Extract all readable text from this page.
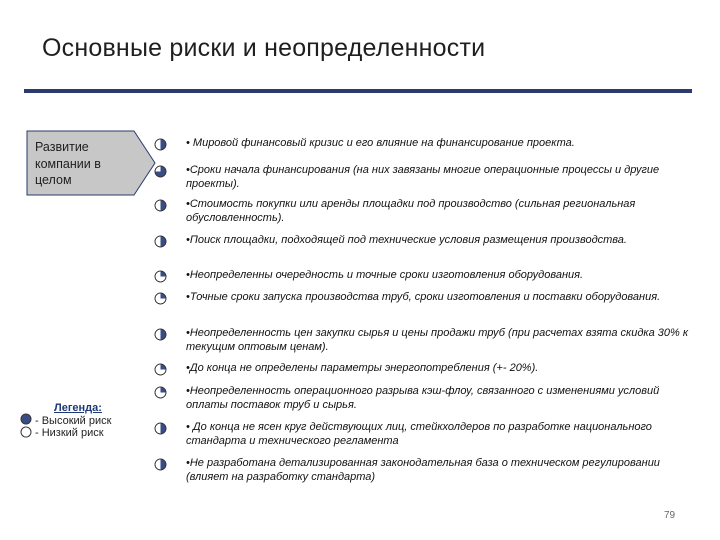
Основные риски и неопределенности
Развитие компании в целом
• Мировой финансовый кризис и его влияние на финансирование проекта.
•Сроки начала финансирования (на них завязаны многие операционные процессы и другие проекты).
•Стоимость покупки или аренды площадки под производство (сильная региональная обусловленность).
•Поиск площадки, подходящей под технические условия размещения производства.
•Неопределенны очередность и точные сроки изготовления оборудования.
•Точные сроки запуска производства труб, сроки изготовления и поставки оборудования.
•Неопределенность цен закупки сырья и цены продажи труб (при расчетах взята скидка 30% к текущим оптовым ценам).
•До конца не определены параметры энергопотребления (+- 20%).
•Неопределенность операционного разрыва кэш-флоу, связанного с изменениями условий оплаты поставок труб и сырья.
• До конца не ясен круг действующих лиц, стейкхолдеров по разработке национального стандарта и технического регламента
•Не разработана детализированная законодательная база о техническом регулировании (влияет на разработку стандарта)
Легенда:
- Высокий риск
- Низкий риск
79
